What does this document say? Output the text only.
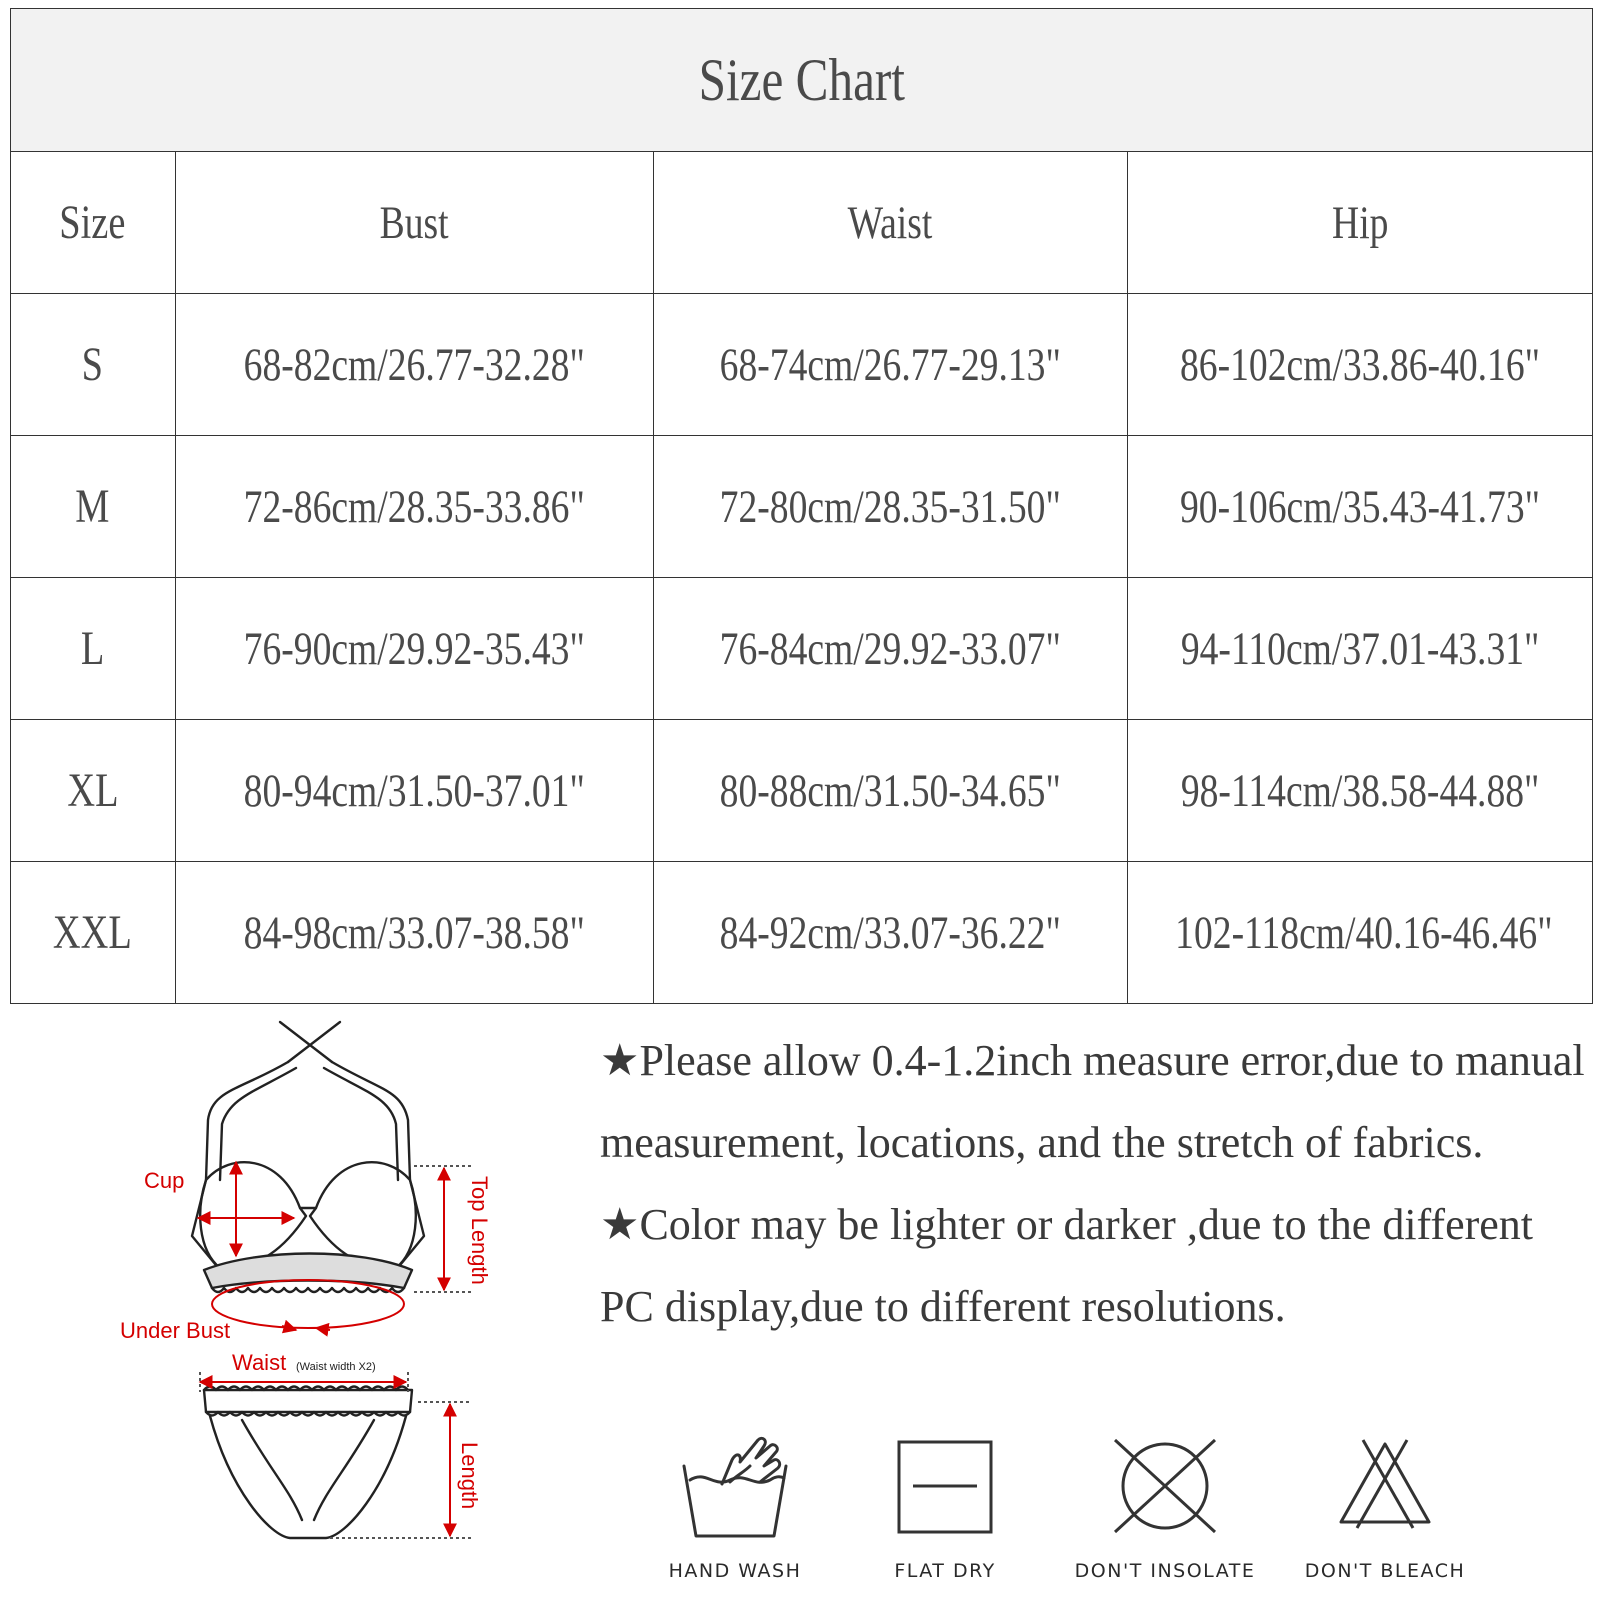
Size Chart
Size	Bust	Waist	Hip
S	68-82cm/26.77-32.28"	68-74cm/26.77-29.13"	86-102cm/33.86-40.16"
M	72-86cm/28.35-33.86"	72-80cm/28.35-31.50"	90-106cm/35.43-41.73"
L	76-90cm/29.92-35.43"	76-84cm/29.92-33.07"	94-110cm/37.01-43.31"
XL	80-94cm/31.50-37.01"	80-88cm/31.50-34.65"	98-114cm/38.58-44.88"
XXL	84-98cm/33.07-38.58"	84-92cm/33.07-36.22"	102-118cm/40.16-46.46"
Cup
Under Bust
Waist (Waist width X2)
Top Length
Length

★Please allow 0.4-1.2inch measure error,due to manual measurement, locations, and the stretch of fabrics.

★Color may be lighter or darker ,due to the different PC display,due to different resolutions.

HAND WASH	FLAT DRY	DON'T INSOLATE	DON'T BLEACH
